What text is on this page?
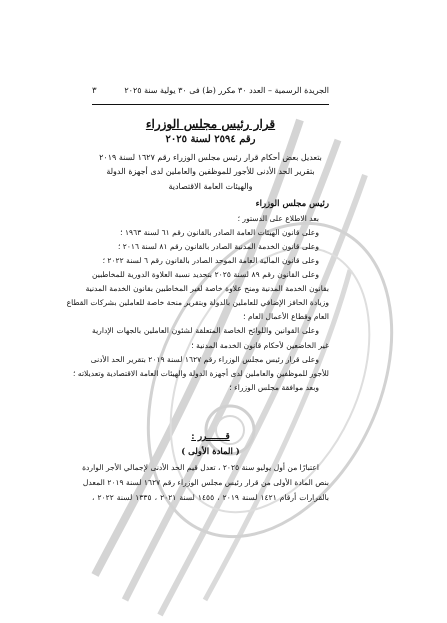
الجريدة الرسمية – العدد ٣٠ مكرر (ط) فى ٣٠ يولية سنة ٢٠٢٥
٣
قرار رئيس مجلس الوزراء
رقم ٢٥٩٤ لسنة ٢٠٢٥
بتعديل بعض أحكام قرار رئيس مجلس الوزراء رقم ١٦٢٧ لسنة ٢٠١٩
بتقرير الحد الأدنى للأجور للموظفين والعاملين لدى أجهزة الدولة
والهيئات العامة الاقتصادية
رئيس مجلس الوزراء
بعد الاطلاع على الدستور ؛
وعلى قانون الهيئات العامة الصادر بالقانون رقم ٦١ لسنة ١٩٦٣ ؛
وعلى قانون الخدمة المدنية الصادر بالقانون رقم ٨١ لسنة ٢٠١٦ ؛
وعلى قانون المالية العامة الموحد الصادر بالقانون رقم ٦ لسنة ٢٠٢٢ ؛
وعلى القانون رقم ٨٩ لسنة ٢٠٢٥ بتحديد نسبة العلاوة الدورية للمخاطبين
بقانون الخدمة المدنية ومنح علاوة خاصة لغير المخاطبين بقانون الخدمة المدنية
وزيادة الحافز الإضافي للعاملين بالدولة وبتقرير منحة خاصة للعاملين بشركات القطاع
العام وقطاع الأعمال العام ؛
وعلى القوانين واللوائح الخاصة المتعلقة لشئون العاملين بالجهات الإدارية
غير الخاضعين لأحكام قانون الخدمة المدنية ؛
وعلى قرار رئيس مجلس الوزراء رقم ١٦٢٧ لسنة ٢٠١٩ بتقرير الحد الأدنى
للأجور للموظفين والعاملين لدى أجهزة الدولة والهيئات العامة الاقتصادية وتعديلاته ؛
وبعد موافقة مجلس الوزراء ؛
قـــــــرر :
( المادة الأولى )
اعتبارًا من أول يوليو سنة ٢٠٢٥ ، تعدل قيم الحد الأدنى لإجمالي الأجر الواردة
بنص المادة الأولى من قرار رئيس مجلس الوزراء رقم ١٦٢٧ لسنة ٢٠١٩ المعدل
بالقرارات أرقام ١٤٢١ لسنة ٢٠١٩ ، ١٤٥٥ لسنة ٢٠٢١ ، ١٣٣٥ لسنة ٢٠٢٢ ،
